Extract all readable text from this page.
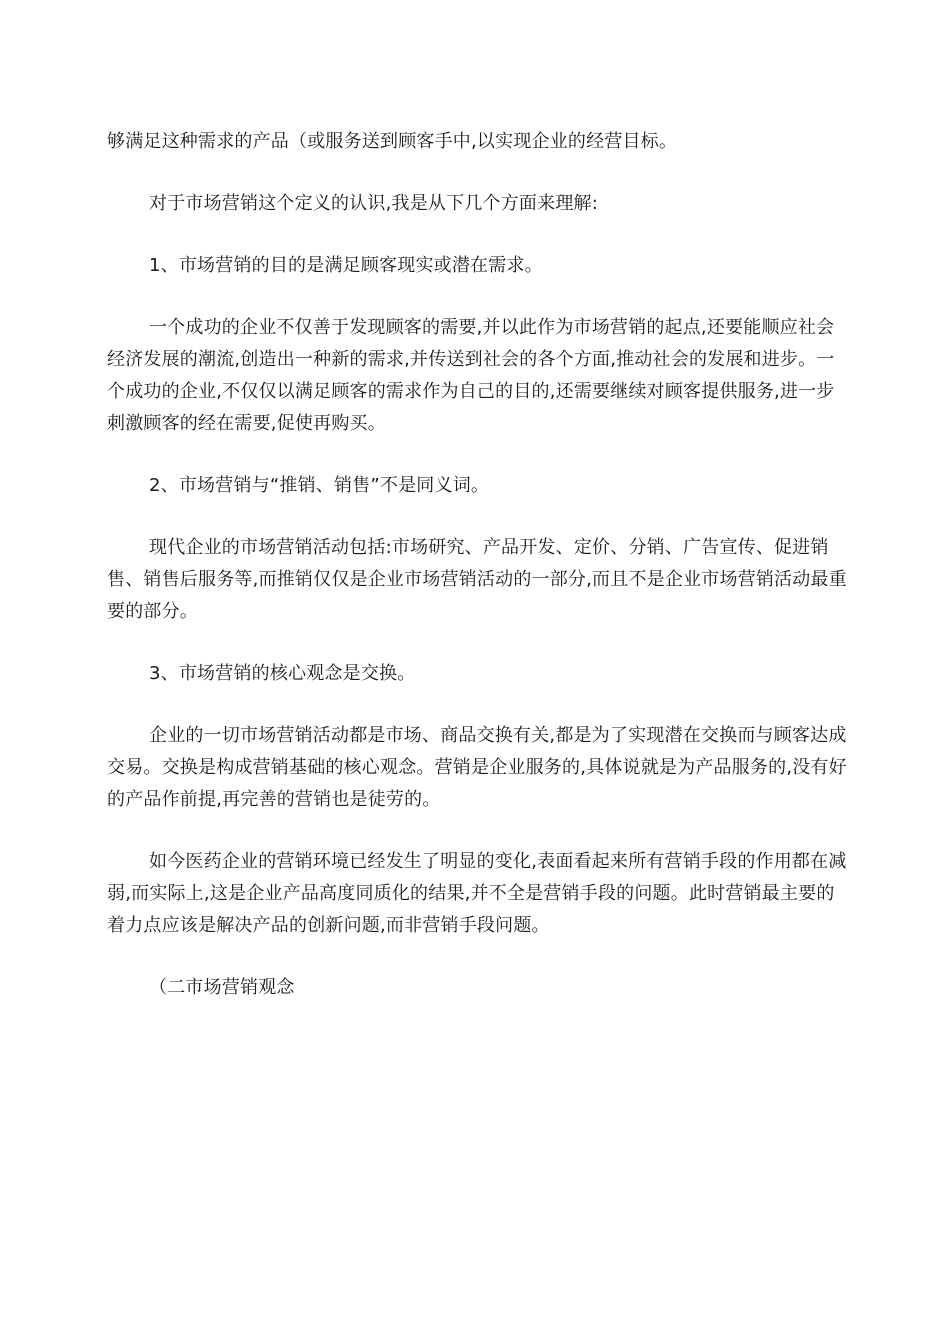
够满足这种需求的产品（或服务送到顾客手中,以实现企业的经营目标。

对于市场营销这个定义的认识,我是从下几个方面来理解:

1、市场营销的目的是满足顾客现实或潜在需求。

一个成功的企业不仅善于发现顾客的需要,并以此作为市场营销的起点,还要能顺应社会经济发展的潮流,创造出一种新的需求,并传送到社会的各个方面,推动社会的发展和进步。一个成功的企业,不仅仅以满足顾客的需求作为自己的目的,还需要继续对顾客提供服务,进一步刺激顾客的经在需要,促使再购买。

2、市场营销与“推销、销售”不是同义词。

现代企业的市场营销活动包括:市场研究、产品开发、定价、分销、广告宣传、促进销售、销售后服务等,而推销仅仅是企业市场营销活动的一部分,而且不是企业市场营销活动最重要的部分。

3、市场营销的核心观念是交换。

企业的一切市场营销活动都是市场、商品交换有关,都是为了实现潜在交换而与顾客达成交易。交换是构成营销基础的核心观念。营销是企业服务的,具体说就是为产品服务的,没有好的产品作前提,再完善的营销也是徒劳的。

如今医药企业的营销环境已经发生了明显的变化,表面看起来所有营销手段的作用都在减弱,而实际上,这是企业产品高度同质化的结果,并不全是营销手段的问题。此时营销最主要的着力点应该是解决产品的创新问题,而非营销手段问题。

（二市场营销观念
